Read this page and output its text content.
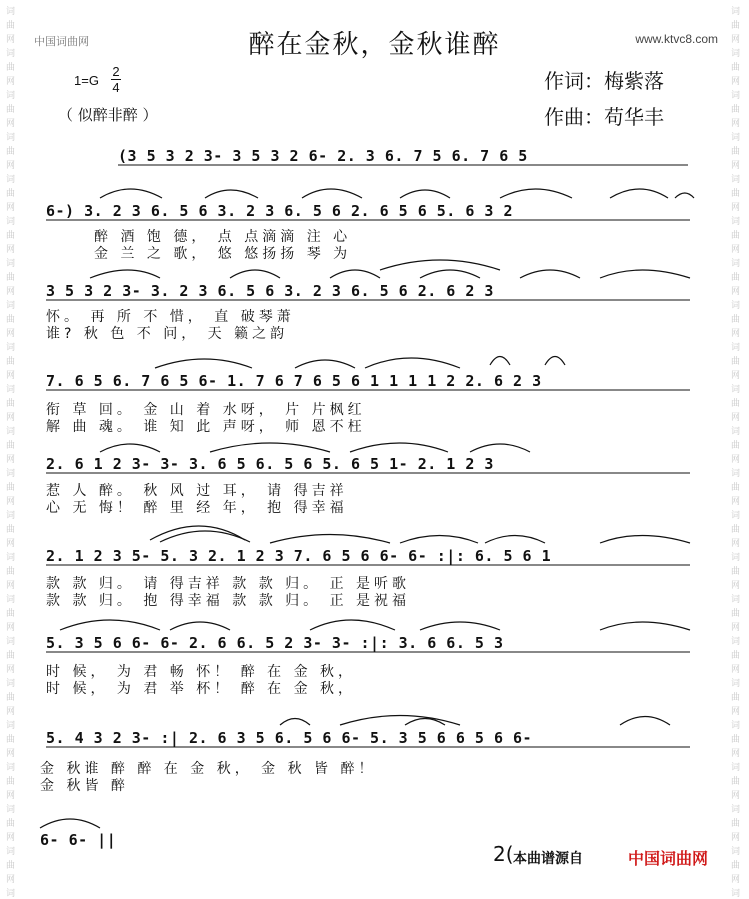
词
曲
网
词
曲
网
词
曲
网
词
曲
网
词
曲
网
词
曲
网
词
曲
网
词
曲
网
词
曲
网
词
曲
网
词
曲
网
词
曲
网
词
曲
网
词
曲
网
词
曲
网
词
曲
网
词
曲
网
词
曲
网
词
曲
网
词
曲
网
词
曲
网
词
词
曲
网
词
曲
网
词
曲
网
词
曲
网
词
曲
网
词
曲
网
词
曲
网
词
曲
网
词
曲
网
词
曲
网
词
曲
网
词
曲
网
词
曲
网
词
曲
网
词
曲
网
词
曲
网
词
曲
网
词
曲
网
词
曲
网
词
曲
网
词
曲
网
词
中国词曲网	www.ktvc8.com
醉在金秋，金秋谁醉
1=G
2
4
（ 似醉非醉 ）
作词：梅紫落
作曲：苟华丰
(3 5 3 2 3- 3 5 3 2 6- 2. 3 6. 7 5 6. 7 6 5
6-) 3. 2 3 6. 5 6 3. 2 3 6. 5 6 2. 6 5 6 5. 6 3 2
醉 酒 饱 德， 点 点滴滴 注 心
金 兰 之 歌， 悠 悠扬扬 琴 为
3 5 3 2 3- 3. 2 3 6. 5 6 3. 2 3 6. 5 6 2. 6 2 3
怀。 再 所 不 惜， 直 破琴萧
谁? 秋 色 不 问， 天 籁之韵
7. 6 5 6. 7 6 5 6- 1. 7 6 7 6 5 6 1 1 1 1 2 2. 6 2 3
衔 草 回。 金 山 着 水呀， 片 片枫红
解 曲 魂。 谁 知 此 声呀， 师 恩不枉
2. 6 1 2 3- 3- 3. 6 5 6. 5 6 5. 6 5 1- 2. 1 2 3
惹 人 醉。 秋 风 过 耳， 请 得吉祥
心 无 悔！ 醉 里 经 年， 抱 得幸福
2. 1 2 3 5- 5. 3 2. 1 2 3 7. 6 5 6 6- 6- :|: 6. 5 6 1
款 款 归。 请 得吉祥 款 款 归。 正 是听歌
款 款 归。 抱 得幸福 款 款 归。 正 是祝福
5. 3 5 6 6- 6- 2. 6 6. 5 2 3- 3- :|: 3. 6 6. 5 3
时 候， 为 君 畅 怀！ 醉 在 金 秋，
时 候， 为 君 举 杯！ 醉 在 金 秋，
5. 4 3 2 3- :| 2. 6 3 5 6. 5 6 6- 5. 3 5 6 6 5 6 6-
金 秋谁 醉 醉 在 金 秋， 金 秋 皆 醉！
金 秋皆 醉
6- 6- ||
2( 本曲谱源自	中国词曲网
